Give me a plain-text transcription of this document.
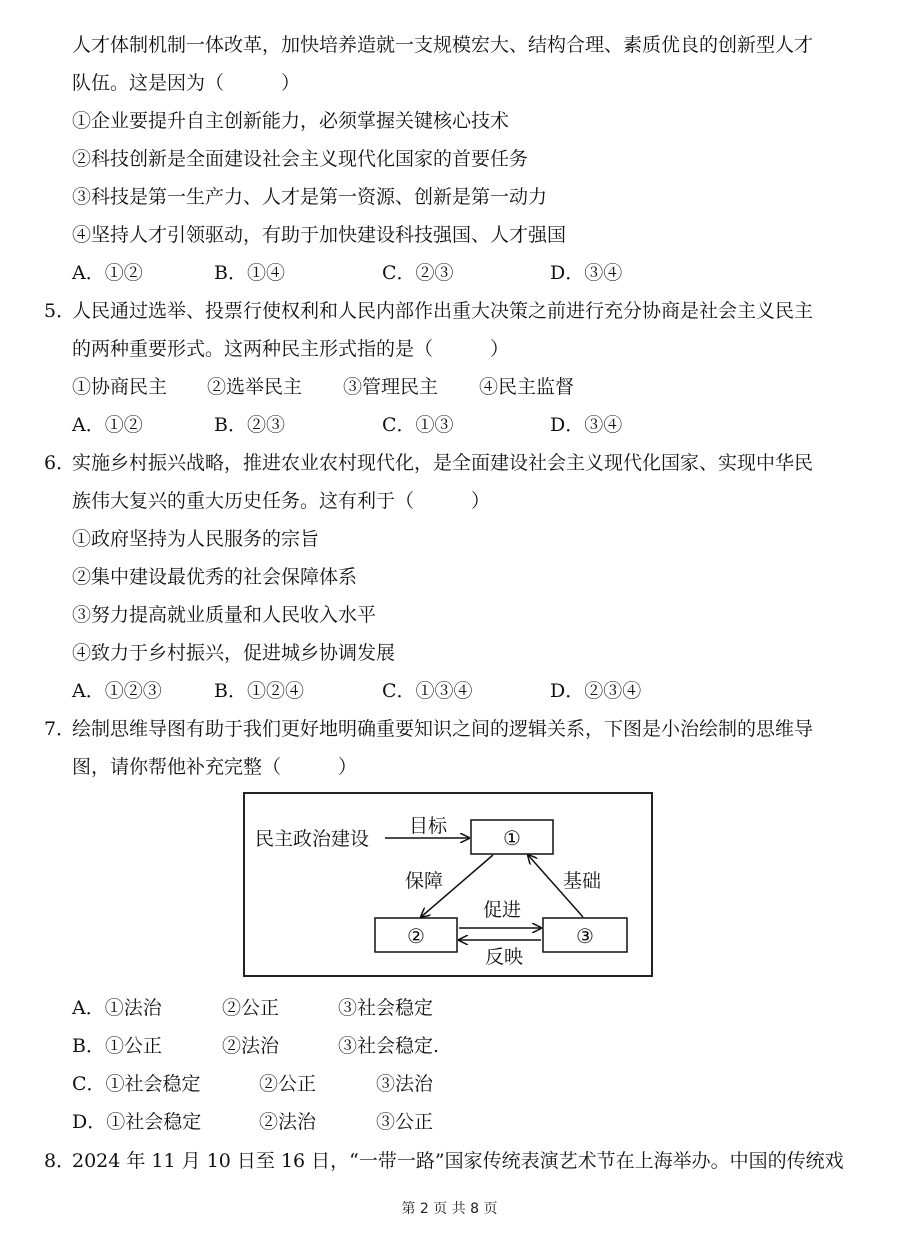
人才体制机制一体改革，加快培养造就一支规模宏大、结构合理、素质优良的创新型人才
队伍。这是因为（　　　）
①企业要提升自主创新能力，必须掌握关键核心技术
②科技创新是全面建设社会主义现代化国家的首要任务
③科技是第一生产力、人才是第一资源、创新是第一动力
④坚持人才引领驱动，有助于加快建设科技强国、人才强国
A．①②	B．①④	C．②③	D．③④
5．
人民通过选举、投票行使权利和人民内部作出重大决策之前进行充分协商是社会主义民主
的两种重要形式。这两种民主形式指的是（　　　）
①协商民主 ②选举民主 ③管理民主 ④民主监督
A．①②	B．②③	C．①③	D．③④
6．
实施乡村振兴战略，推进农业农村现代化，是全面建设社会主义现代化国家、实现中华民
族伟大复兴的重大历史任务。这有利于（　　　）
①政府坚持为人民服务的宗旨
②集中建设最优秀的社会保障体系
③努力提高就业质量和人民收入水平
④致力于乡村振兴，促进城乡协调发展
A．①②③	B．①②④	C．①③④	D．②③④
7．
绘制思维导图有助于我们更好地明确重要知识之间的逻辑关系，下图是小治绘制的思维导
图，请你帮他补充完整（　　　）
民主政治建设
目标	①
②	③
保障	基础
促进
反映
A．①法治	②公正	③社会稳定
B．①公正	②法治	③社会稳定.
C．①社会稳定	②公正	③法治
D．①社会稳定	②法治	③公正
8．
2024 年 11 月 10 日至 16 日，“一带一路”国家传统表演艺术节在上海举办。中国的传统戏
第 2 页 共 8 页
